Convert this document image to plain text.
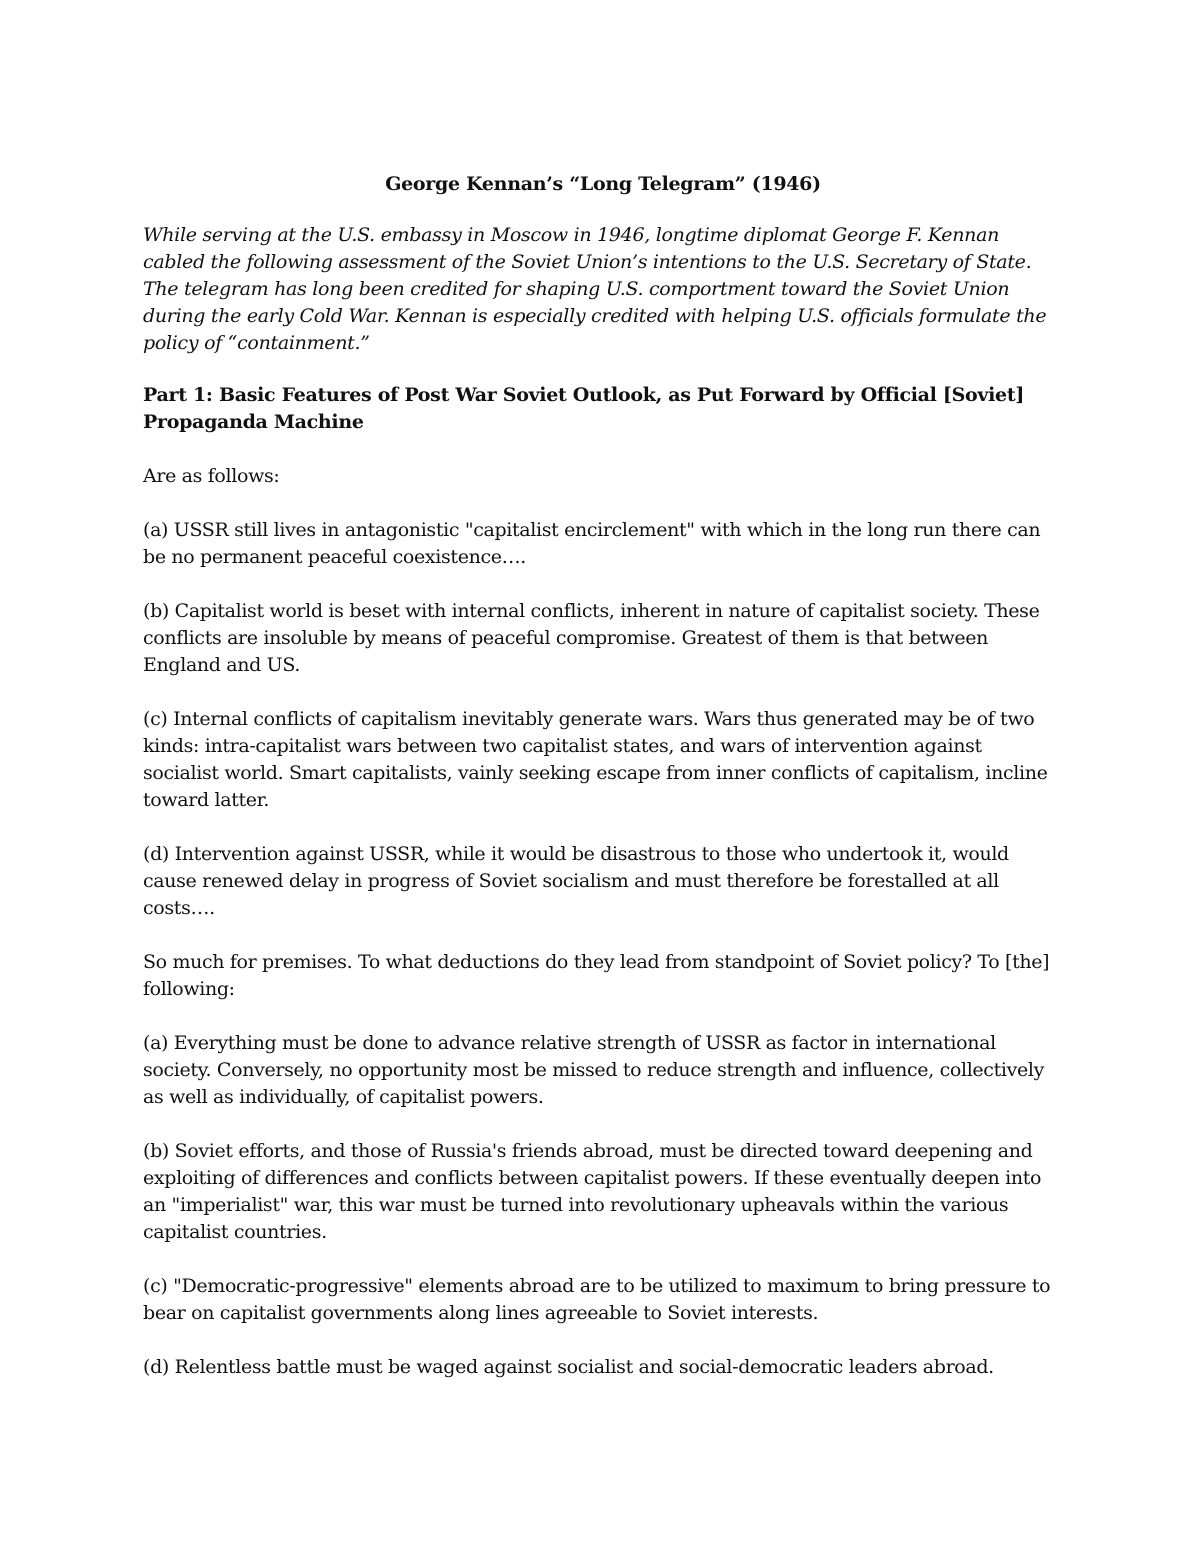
George Kennan’s “Long Telegram” (1946)
While serving at the U.S. embassy in Moscow in 1946, longtime diplomat George F. Kennan cabled the following assessment of the Soviet Union’s intentions to the U.S. Secretary of State. The telegram has long been credited for shaping U.S. comportment toward the Soviet Union during the early Cold War. Kennan is especially credited with helping U.S. officials formulate the policy of “containment.”
Part 1: Basic Features of Post War Soviet Outlook, as Put Forward by Official [Soviet] Propaganda Machine
Are as follows:
(a) USSR still lives in antagonistic "capitalist encirclement" with which in the long run there can be no permanent peaceful coexistence….
(b) Capitalist world is beset with internal conflicts, inherent in nature of capitalist society. These conflicts are insoluble by means of peaceful compromise. Greatest of them is that between England and US.
(c) Internal conflicts of capitalism inevitably generate wars. Wars thus generated may be of two kinds: intra-capitalist wars between two capitalist states, and wars of intervention against socialist world. Smart capitalists, vainly seeking escape from inner conflicts of capitalism, incline toward latter.
(d) Intervention against USSR, while it would be disastrous to those who undertook it, would cause renewed delay in progress of Soviet socialism and must therefore be forestalled at all costs….
So much for premises. To what deductions do they lead from standpoint of Soviet policy? To [the] following:
(a) Everything must be done to advance relative strength of USSR as factor in international society. Conversely, no opportunity most be missed to reduce strength and influence, collectively as well as individually, of capitalist powers.
(b) Soviet efforts, and those of Russia's friends abroad, must be directed toward deepening and exploiting of differences and conflicts between capitalist powers. If these eventually deepen into an "imperialist" war, this war must be turned into revolutionary upheavals within the various capitalist countries.
(c) "Democratic-progressive" elements abroad are to be utilized to maximum to bring pressure to bear on capitalist governments along lines agreeable to Soviet interests.
(d) Relentless battle must be waged against socialist and social-democratic leaders abroad.
